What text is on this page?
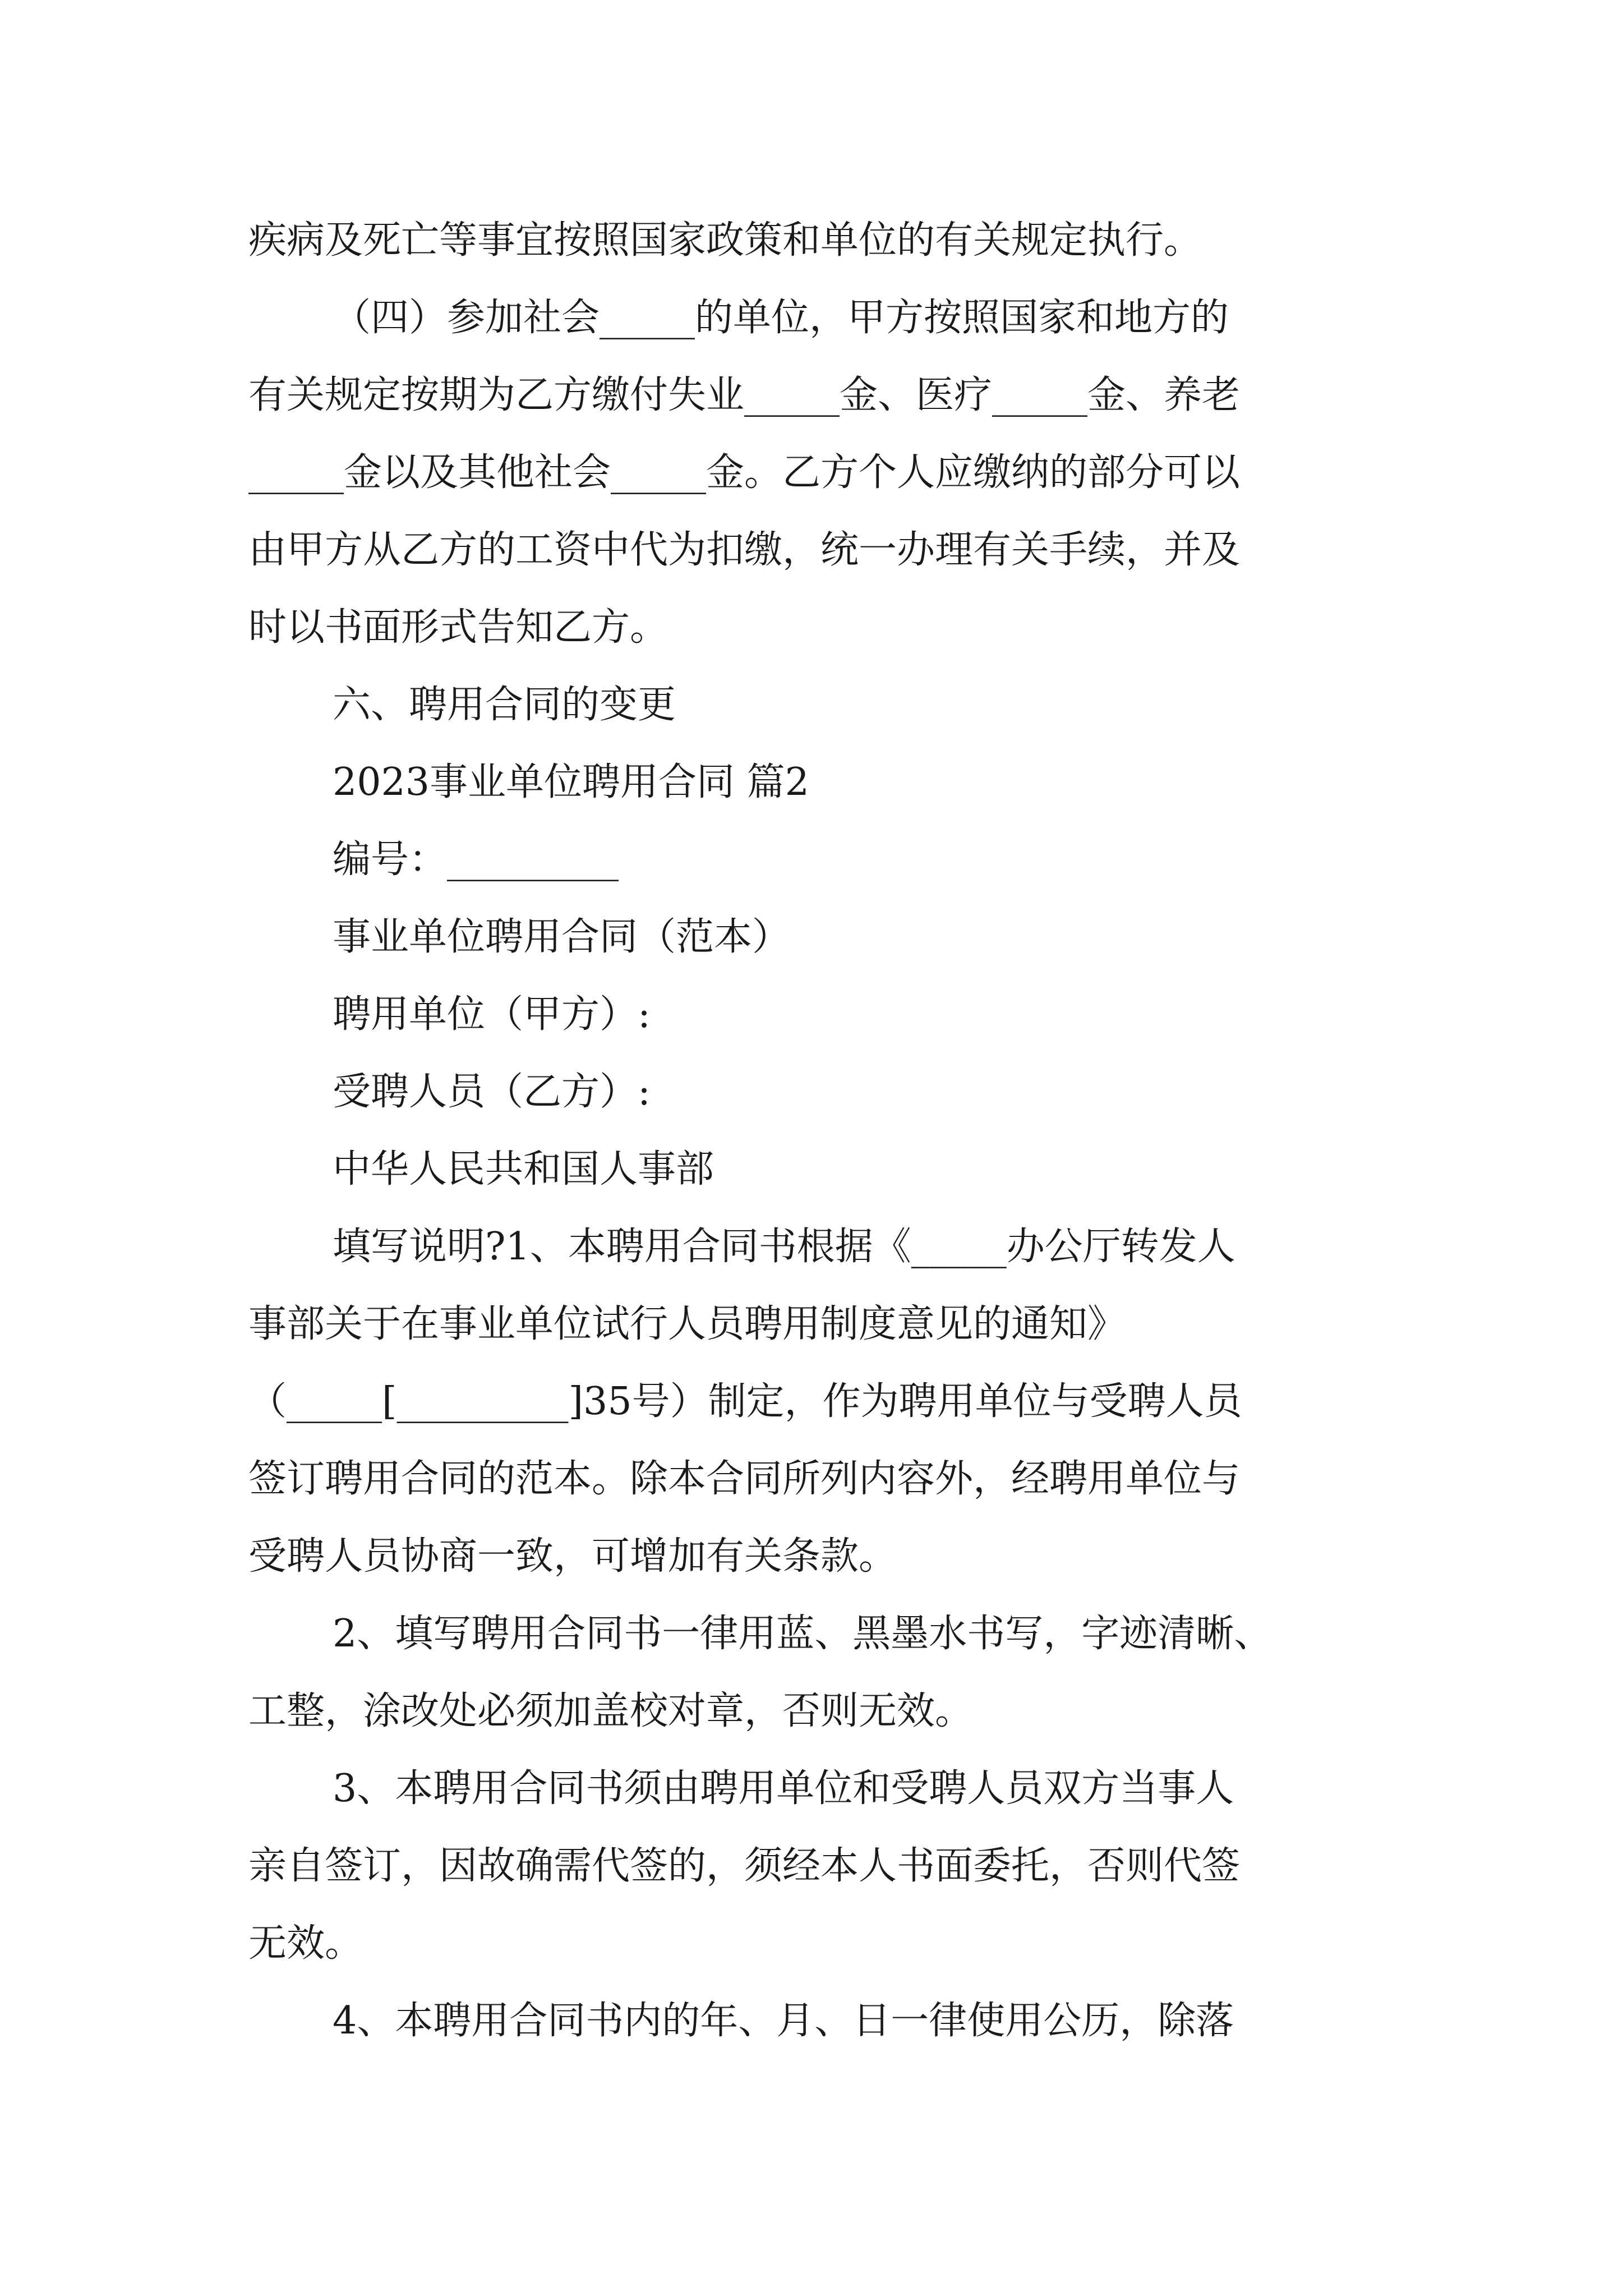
疾病及死亡等事宜按照国家政策和单位的有关规定执行。
（四）参加社会_____的单位，甲方按照国家和地方的
有关规定按期为乙方缴付失业_____金、医疗_____金、养老
_____金以及其他社会_____金。乙方个人应缴纳的部分可以
由甲方从乙方的工资中代为扣缴，统一办理有关手续，并及
时以书面形式告知乙方。
六、聘用合同的变更
2023事业单位聘用合同 篇2
编号：_________
事业单位聘用合同（范本）
聘用单位（甲方）:
受聘人员（乙方）:
中华人民共和国人事部
填写说明?1、本聘用合同书根据《_____办公厅转发人
事部关于在事业单位试行人员聘用制度意见的通知》
（_____[_________]35号）制定，作为聘用单位与受聘人员
签订聘用合同的范本。除本合同所列内容外，经聘用单位与
受聘人员协商一致，可增加有关条款。
2、填写聘用合同书一律用蓝、黑墨水书写，字迹清晰、
工整，涂改处必须加盖校对章，否则无效。
3、本聘用合同书须由聘用单位和受聘人员双方当事人
亲自签订，因故确需代签的，须经本人书面委托，否则代签
无效。
4、本聘用合同书内的年、月、日一律使用公历，除落
